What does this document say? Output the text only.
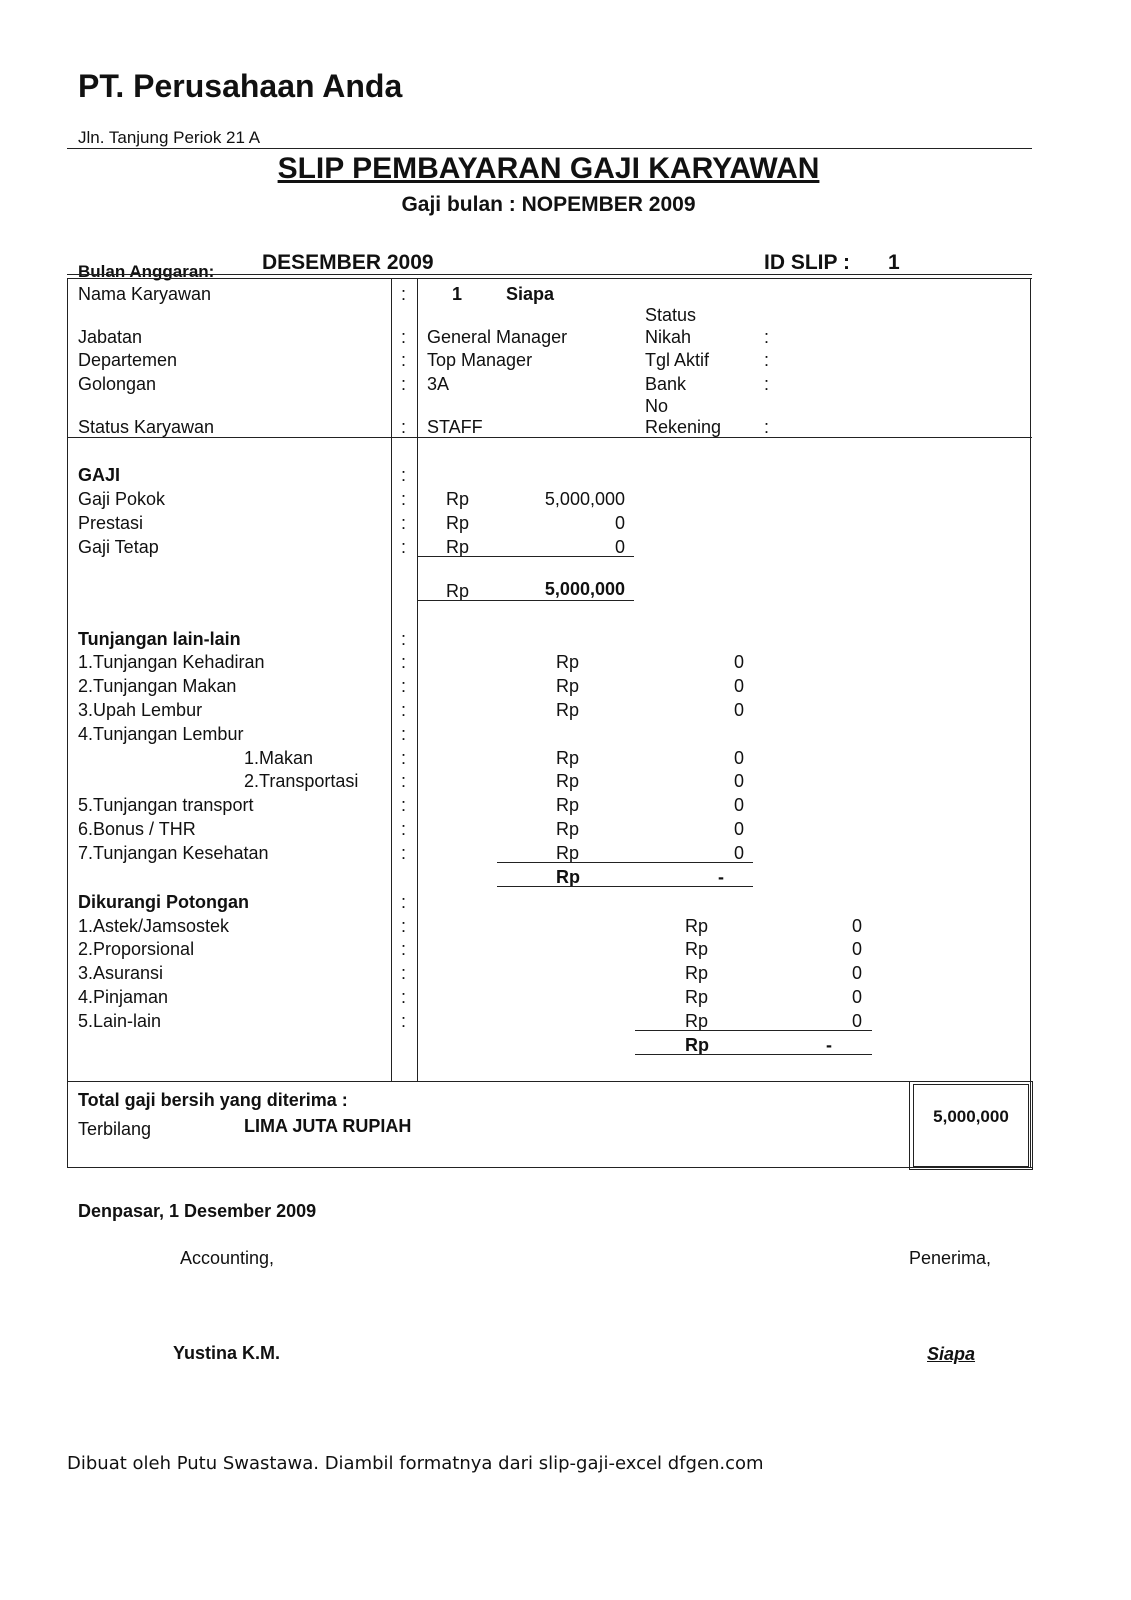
PT. Perusahaan Anda
Jln. Tanjung Periok 21 A
SLIP PEMBAYARAN GAJI KARYAWAN
Gaji bulan : NOPEMBER 2009
Bulan Anggaran: DESEMBER 2009	ID SLIP : 1
Nama Karyawan	:	1 Siapa
Status
Jabatan	: General Manager	Nikah	:
Departemen	: Top Manager	Tgl Aktif	:
Golongan	: 3A	Bank	:
No
Status Karyawan	: STAFF	Rekening :
GAJI	:
Gaji Pokok	: Rp	5,000,000
Prestasi	: Rp	0
Gaji Tetap	: Rp	0
Rp	5,000,000
Tunjangan lain-lain	:
1.Tunjangan Kehadiran	:	Rp	0
2.Tunjangan Makan	:	Rp	0
3.Upah Lembur	:	Rp	0
4.Tunjangan Lembur	:
1.Makan	:	Rp	0
2.Transportasi :	Rp	0
5.Tunjangan transport	:	Rp	0
6.Bonus / THR	:	Rp	0
7.Tunjangan Kesehatan	:	Rp	0
Rp	-
Dikurangi Potongan	:
1.Astek/Jamsostek	:	Rp	0
2.Proporsional	:	Rp	0
3.Asuransi	:	Rp	0
4.Pinjaman	:	Rp	0
5.Lain-lain	:	Rp	0
Rp	-
Total gaji bersih yang diterima :
Terbilang	LIMA JUTA RUPIAH	5,000,000
Denpasar, 1 Desember 2009
Accounting,	Penerima,
Yustina K.M.	Siapa
Dibuat oleh Putu Swastawa. Diambil formatnya dari slip-gaji-excel dfgen.com
